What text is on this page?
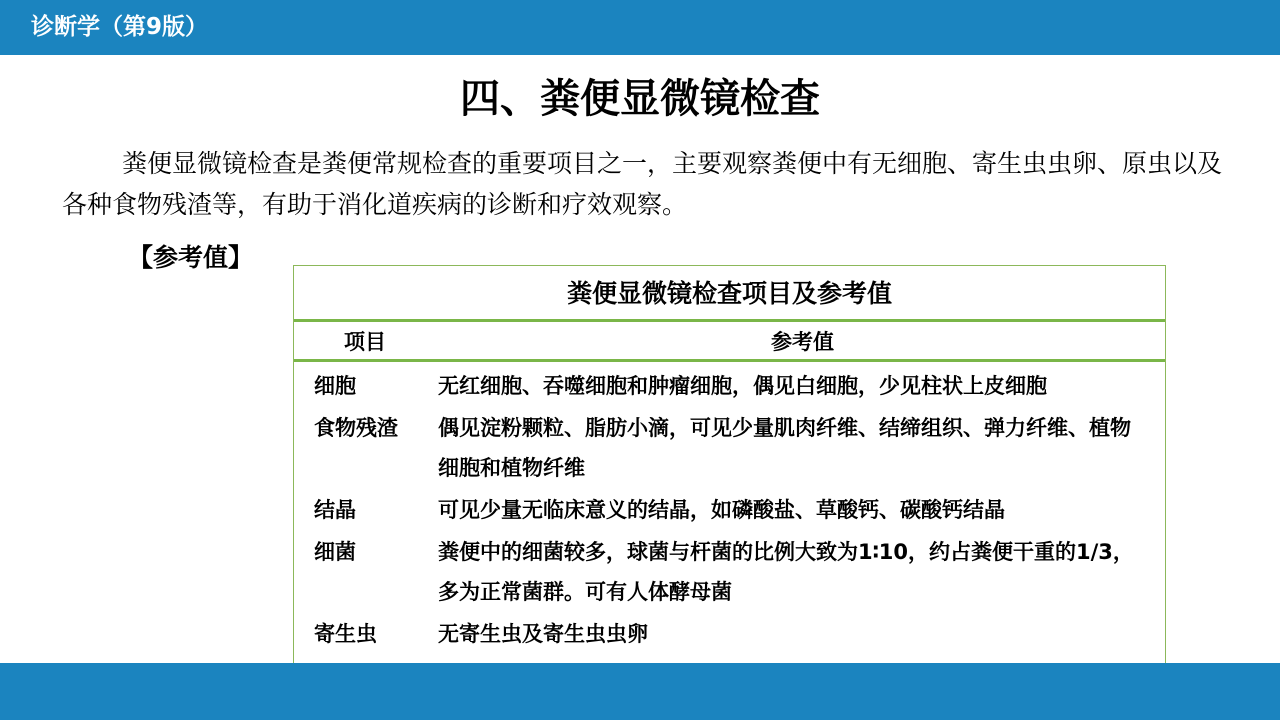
诊断学（第9版）
四、粪便显微镜检查
粪便显微镜检查是粪便常规检查的重要项目之一，主要观察粪便中有无细胞、寄生虫虫卵、原虫以及各种食物残渣等，有助于消化道疾病的诊断和疗效观察。
【参考值】
粪便显微镜检查项目及参考值
项目	参考值
细胞	无红细胞、吞噬细胞和肿瘤细胞，偶见白细胞，少见柱状上皮细胞
食物残渣 偶见淀粉颗粒、脂肪小滴，可见少量肌肉纤维、结缔组织、弹力纤维、植物细胞和植物纤维
结晶	可见少量无临床意义的结晶，如磷酸盐、草酸钙、碳酸钙结晶
细菌	粪便中的细菌较多，球菌与杆菌的比例大致为1∶10，约占粪便干重的1/3，多为正常菌群。可有人体酵母菌
寄生虫	无寄生虫及寄生虫虫卵
